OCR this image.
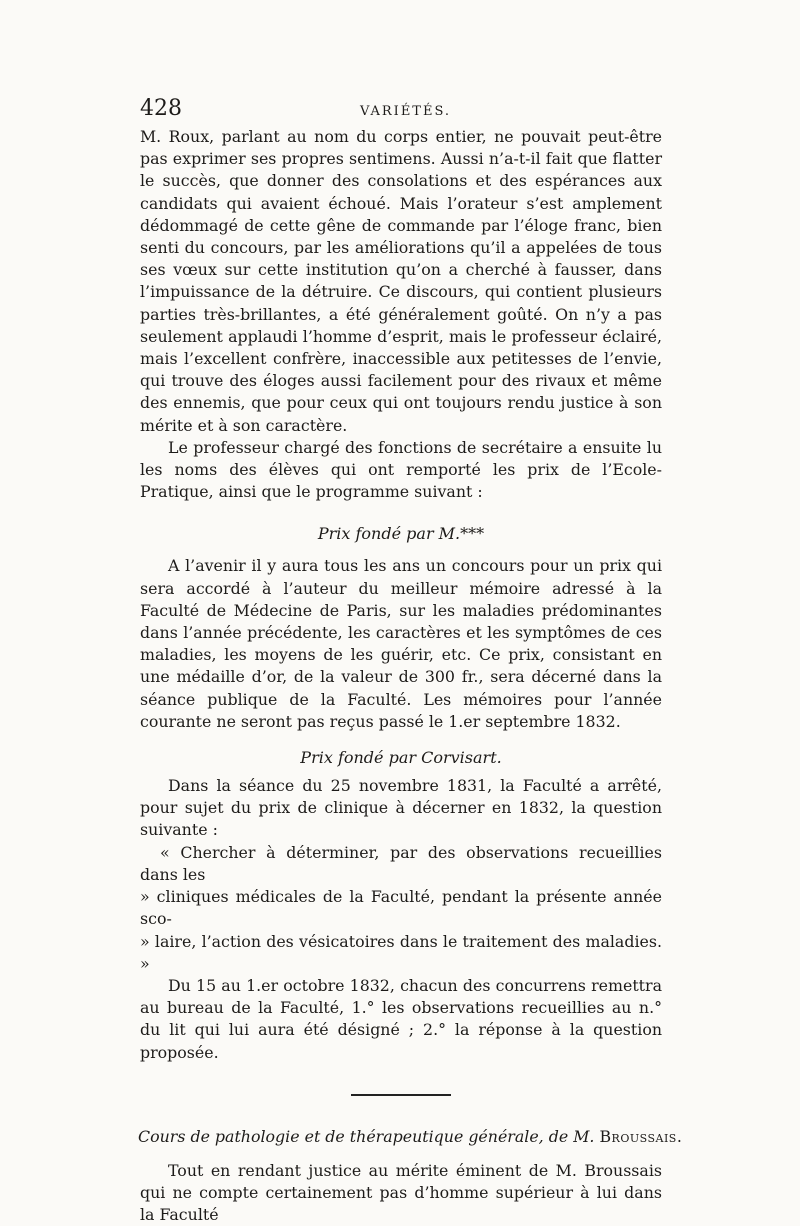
428	VARIÉTÉS.

M. Roux, parlant au nom du corps entier, ne pouvait peut-être pas exprimer ses propres sentimens. Aussi n’a-t-il fait que flatter le succès, que donner des consolations et des espérances aux candidats qui avaient échoué. Mais l’orateur s’est amplement dédommagé de cette gêne de commande par l’éloge franc, bien senti du concours, par les améliorations qu’il a appelées de tous ses vœux sur cette institution qu’on a cherché à fausser, dans l’impuissance de la détruire. Ce discours, qui contient plusieurs parties très-brillantes, a été généralement goûté. On n’y a pas seulement applaudi l’homme d’esprit, mais le professeur éclairé, mais l’excellent confrère, inaccessible aux petitesses de l’envie, qui trouve des éloges aussi facilement pour des rivaux et même des ennemis, que pour ceux qui ont toujours rendu justice à son mérite et à son caractère.

Le professeur chargé des fonctions de secrétaire a ensuite lu les noms des élèves qui ont remporté les prix de l’Ecole-Pratique, ainsi que le programme suivant :

Prix fondé par M.***

A l’avenir il y aura tous les ans un concours pour un prix qui sera accordé à l’auteur du meilleur mémoire adressé à la Faculté de Médecine de Paris, sur les maladies prédominantes dans l’année précédente, les caractères et les symptômes de ces maladies, les moyens de les guérir, etc. Ce prix, consistant en une médaille d’or, de la valeur de 300 fr., sera décerné dans la séance publique de la Faculté. Les mémoires pour l’année courante ne seront pas reçus passé le 1.er septembre 1832.

Prix fondé par Corvisart.

Dans la séance du 25 novembre 1831, la Faculté a arrêté, pour sujet du prix de clinique à décerner en 1832, la question suivante :

« Chercher à déterminer, par des observations recueillies dans les

» cliniques médicales de la Faculté, pendant la présente année sco-

» laire, l’action des vésicatoires dans le traitement des maladies. »

Du 15 au 1.er octobre 1832, chacun des concurrens remettra au bureau de la Faculté, 1.° les observations recueillies au n.° du lit qui lui aura été désigné ; 2.° la réponse à la question proposée.

Cours de pathologie et de thérapeutique générale, de M. Broussais.

Tout en rendant justice au mérite éminent de M. Broussais qui ne compte certainement pas d’homme supérieur à lui dans la Faculté
